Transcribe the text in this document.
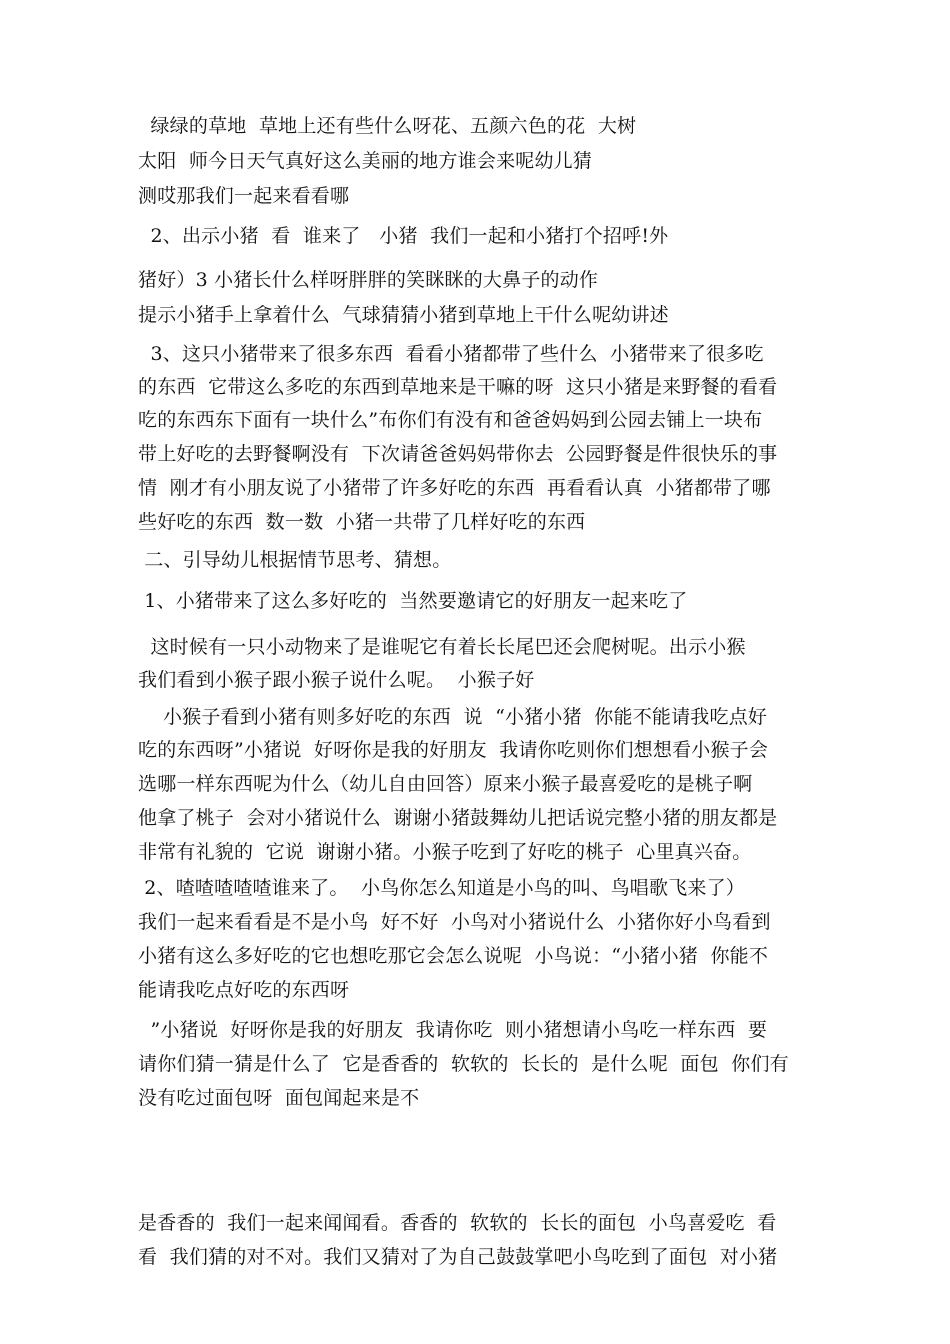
绿绿的草地  草地上还有些什么呀花、五颜六色的花  大树
太阳  师今日天气真好这么美丽的地方谁会来呢幼儿猜
测哎那我们一起来看看哪
2、出示小猪  看  谁来了   小猪  我们一起和小猪打个招呼!外
猪好）3 小猪长什么样呀胖胖的笑眯眯的大鼻子的动作
提示小猪手上拿着什么  气球猜猜小猪到草地上干什么呢幼讲述
3、这只小猪带来了很多东西  看看小猪都带了些什么  小猪带来了很多吃
的东西  它带这么多吃的东西到草地来是干嘛的呀  这只小猪是来野餐的看看
吃的东西东下面有一块什么”布你们有没有和爸爸妈妈到公园去铺上一块布
带上好吃的去野餐啊没有  下次请爸爸妈妈带你去  公园野餐是件很快乐的事
情  刚才有小朋友说了小猪带了许多好吃的东西  再看看认真  小猪都带了哪
些好吃的东西  数一数  小猪一共带了几样好吃的东西
二、引导幼儿根据情节思考、猜想。
1、小猪带来了这么多好吃的  当然要邀请它的好朋友一起来吃了
这时候有一只小动物来了是谁呢它有着长长尾巴还会爬树呢。出示小猴
我们看到小猴子跟小猴子说什么呢。  小猴子好
小猴子看到小猪有则多好吃的东西  说  “小猪小猪  你能不能请我吃点好
吃的东西呀”小猪说  好呀你是我的好朋友  我请你吃则你们想想看小猴子会
选哪一样东西呢为什么（幼儿自由回答）原来小猴子最喜爱吃的是桃子啊
他拿了桃子  会对小猪说什么  谢谢小猪鼓舞幼儿把话说完整小猪的朋友都是
非常有礼貌的  它说  谢谢小猪。小猴子吃到了好吃的桃子  心里真兴奋。
2、喳喳喳喳喳谁来了。  小鸟你怎么知道是小鸟的叫、鸟唱歌飞来了）
我们一起来看看是不是小鸟  好不好  小鸟对小猪说什么  小猪你好小鸟看到
小猪有这么多好吃的它也想吃那它会怎么说呢  小鸟说：“小猪小猪  你能不
能请我吃点好吃的东西呀
”小猪说  好呀你是我的好朋友  我请你吃  则小猪想请小鸟吃一样东西  要
请你们猜一猜是什么了  它是香香的  软软的  长长的  是什么呢  面包  你们有
没有吃过面包呀  面包闻起来是不
是香香的  我们一起来闻闻看。香香的  软软的  长长的面包  小鸟喜爱吃  看
看  我们猜的对不对。我们又猜对了为自己鼓鼓掌吧小鸟吃到了面包  对小猪
